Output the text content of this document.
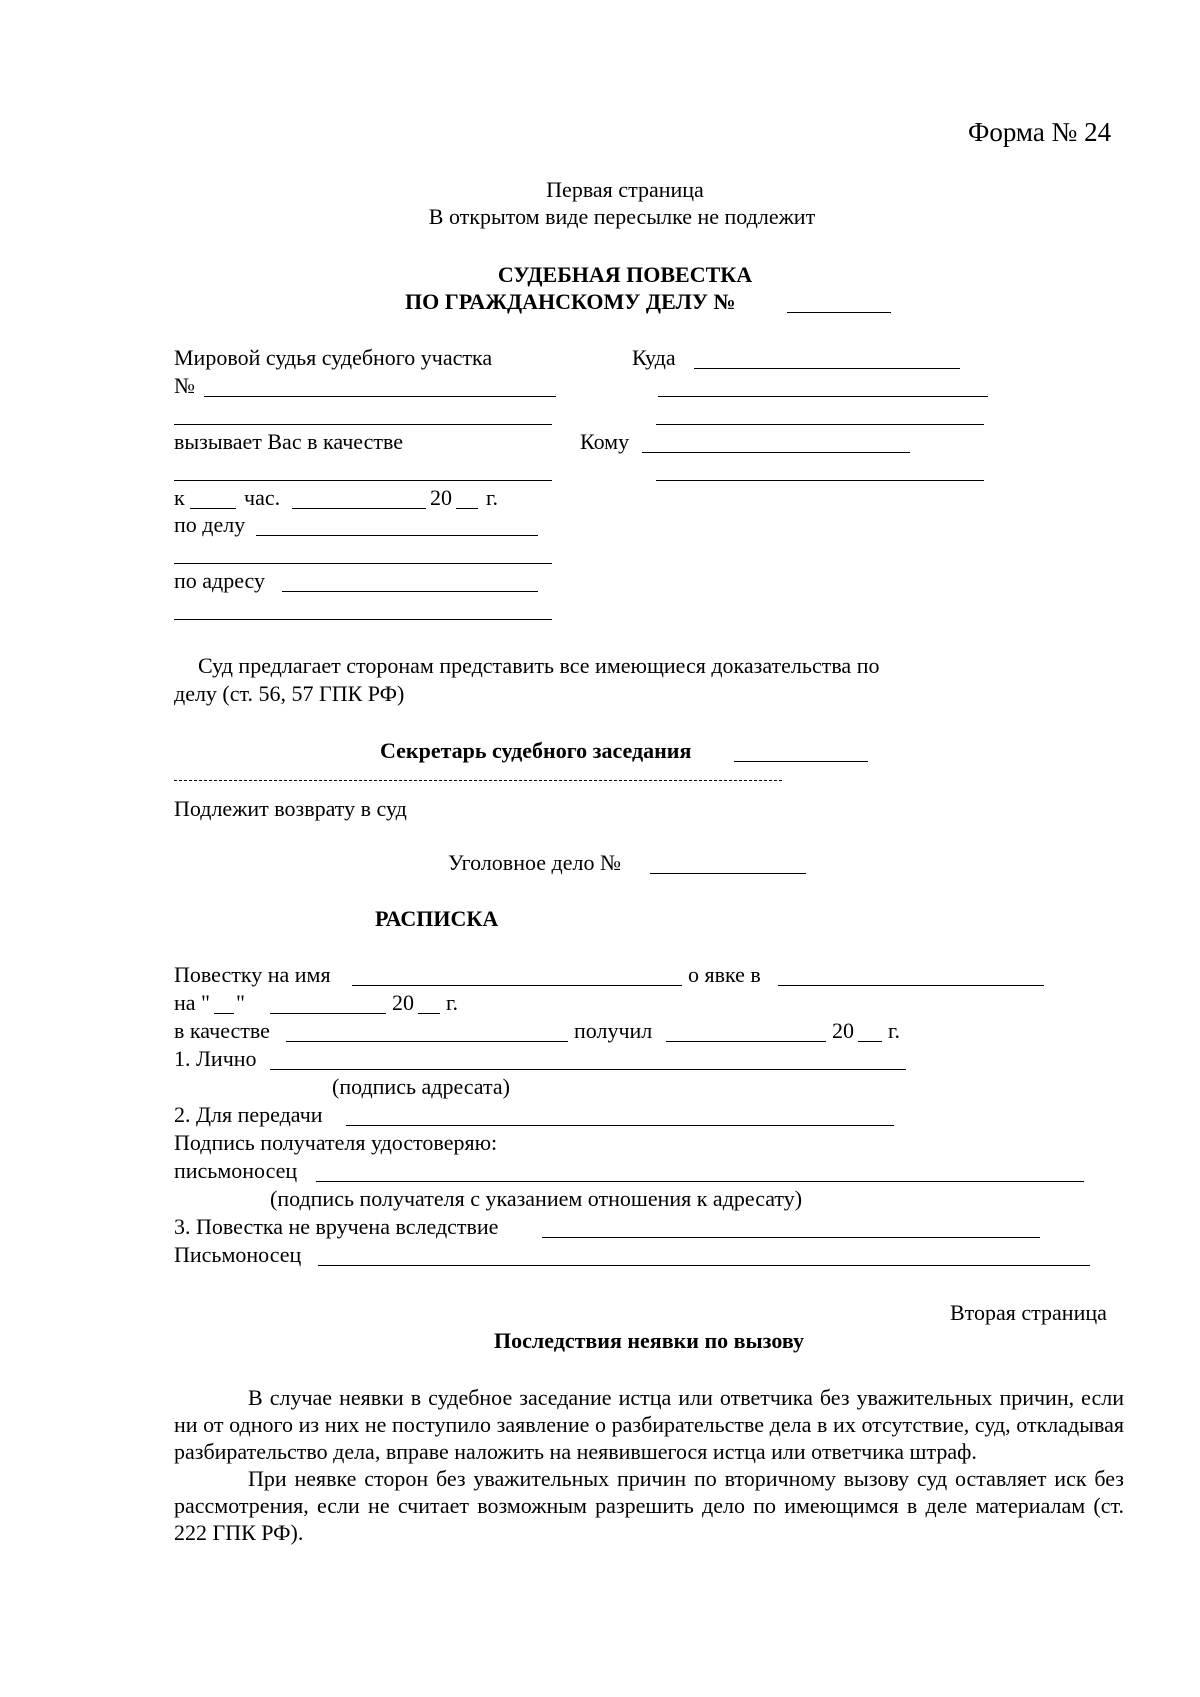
Форма № 24
Первая страница
В открытом виде пересылке не подлежит
СУДЕБНАЯ ПОВЕСТКА
ПО ГРАЖДАНСКОМУ ДЕЛУ №
Мировой судья судебного участка
№
вызывает Вас в качестве
к	час.	20 г.
по делу
по адресу
Куда
Кому
Суд предлагает сторонам представить все имеющиеся доказательства по
делу (ст. 56, 57 ГПК РФ)
Секретарь судебного заседания
Подлежит возврату в суд
Уголовное дело №
РАСПИСКА
Повестку на имя	о явке в
на " "	20 г.
в качестве	получил	20 г.
1. Лично
(подпись адресата)
2. Для передачи
Подпись получателя удостоверяю:
письмоносец
(подпись получателя с указанием отношения к адресату)
3. Повестка не вручена вследствие
Письмоносец
Вторая страница
Последствия неявки по вызову

В случае неявки в судебное заседание истца или ответчика без уважительных причин, если ни от одного из них не поступило заявление о разбирательстве дела в их отсутствие, суд, откладывая разбирательство дела, вправе наложить на неявившегося истца или ответчика штраф.

При неявке сторон без уважительных причин по вторичному вызову суд оставляет иск без рассмотрения, если не считает возможным разрешить дело по имеющимся в деле материалам (ст. 222 ГПК РФ).
